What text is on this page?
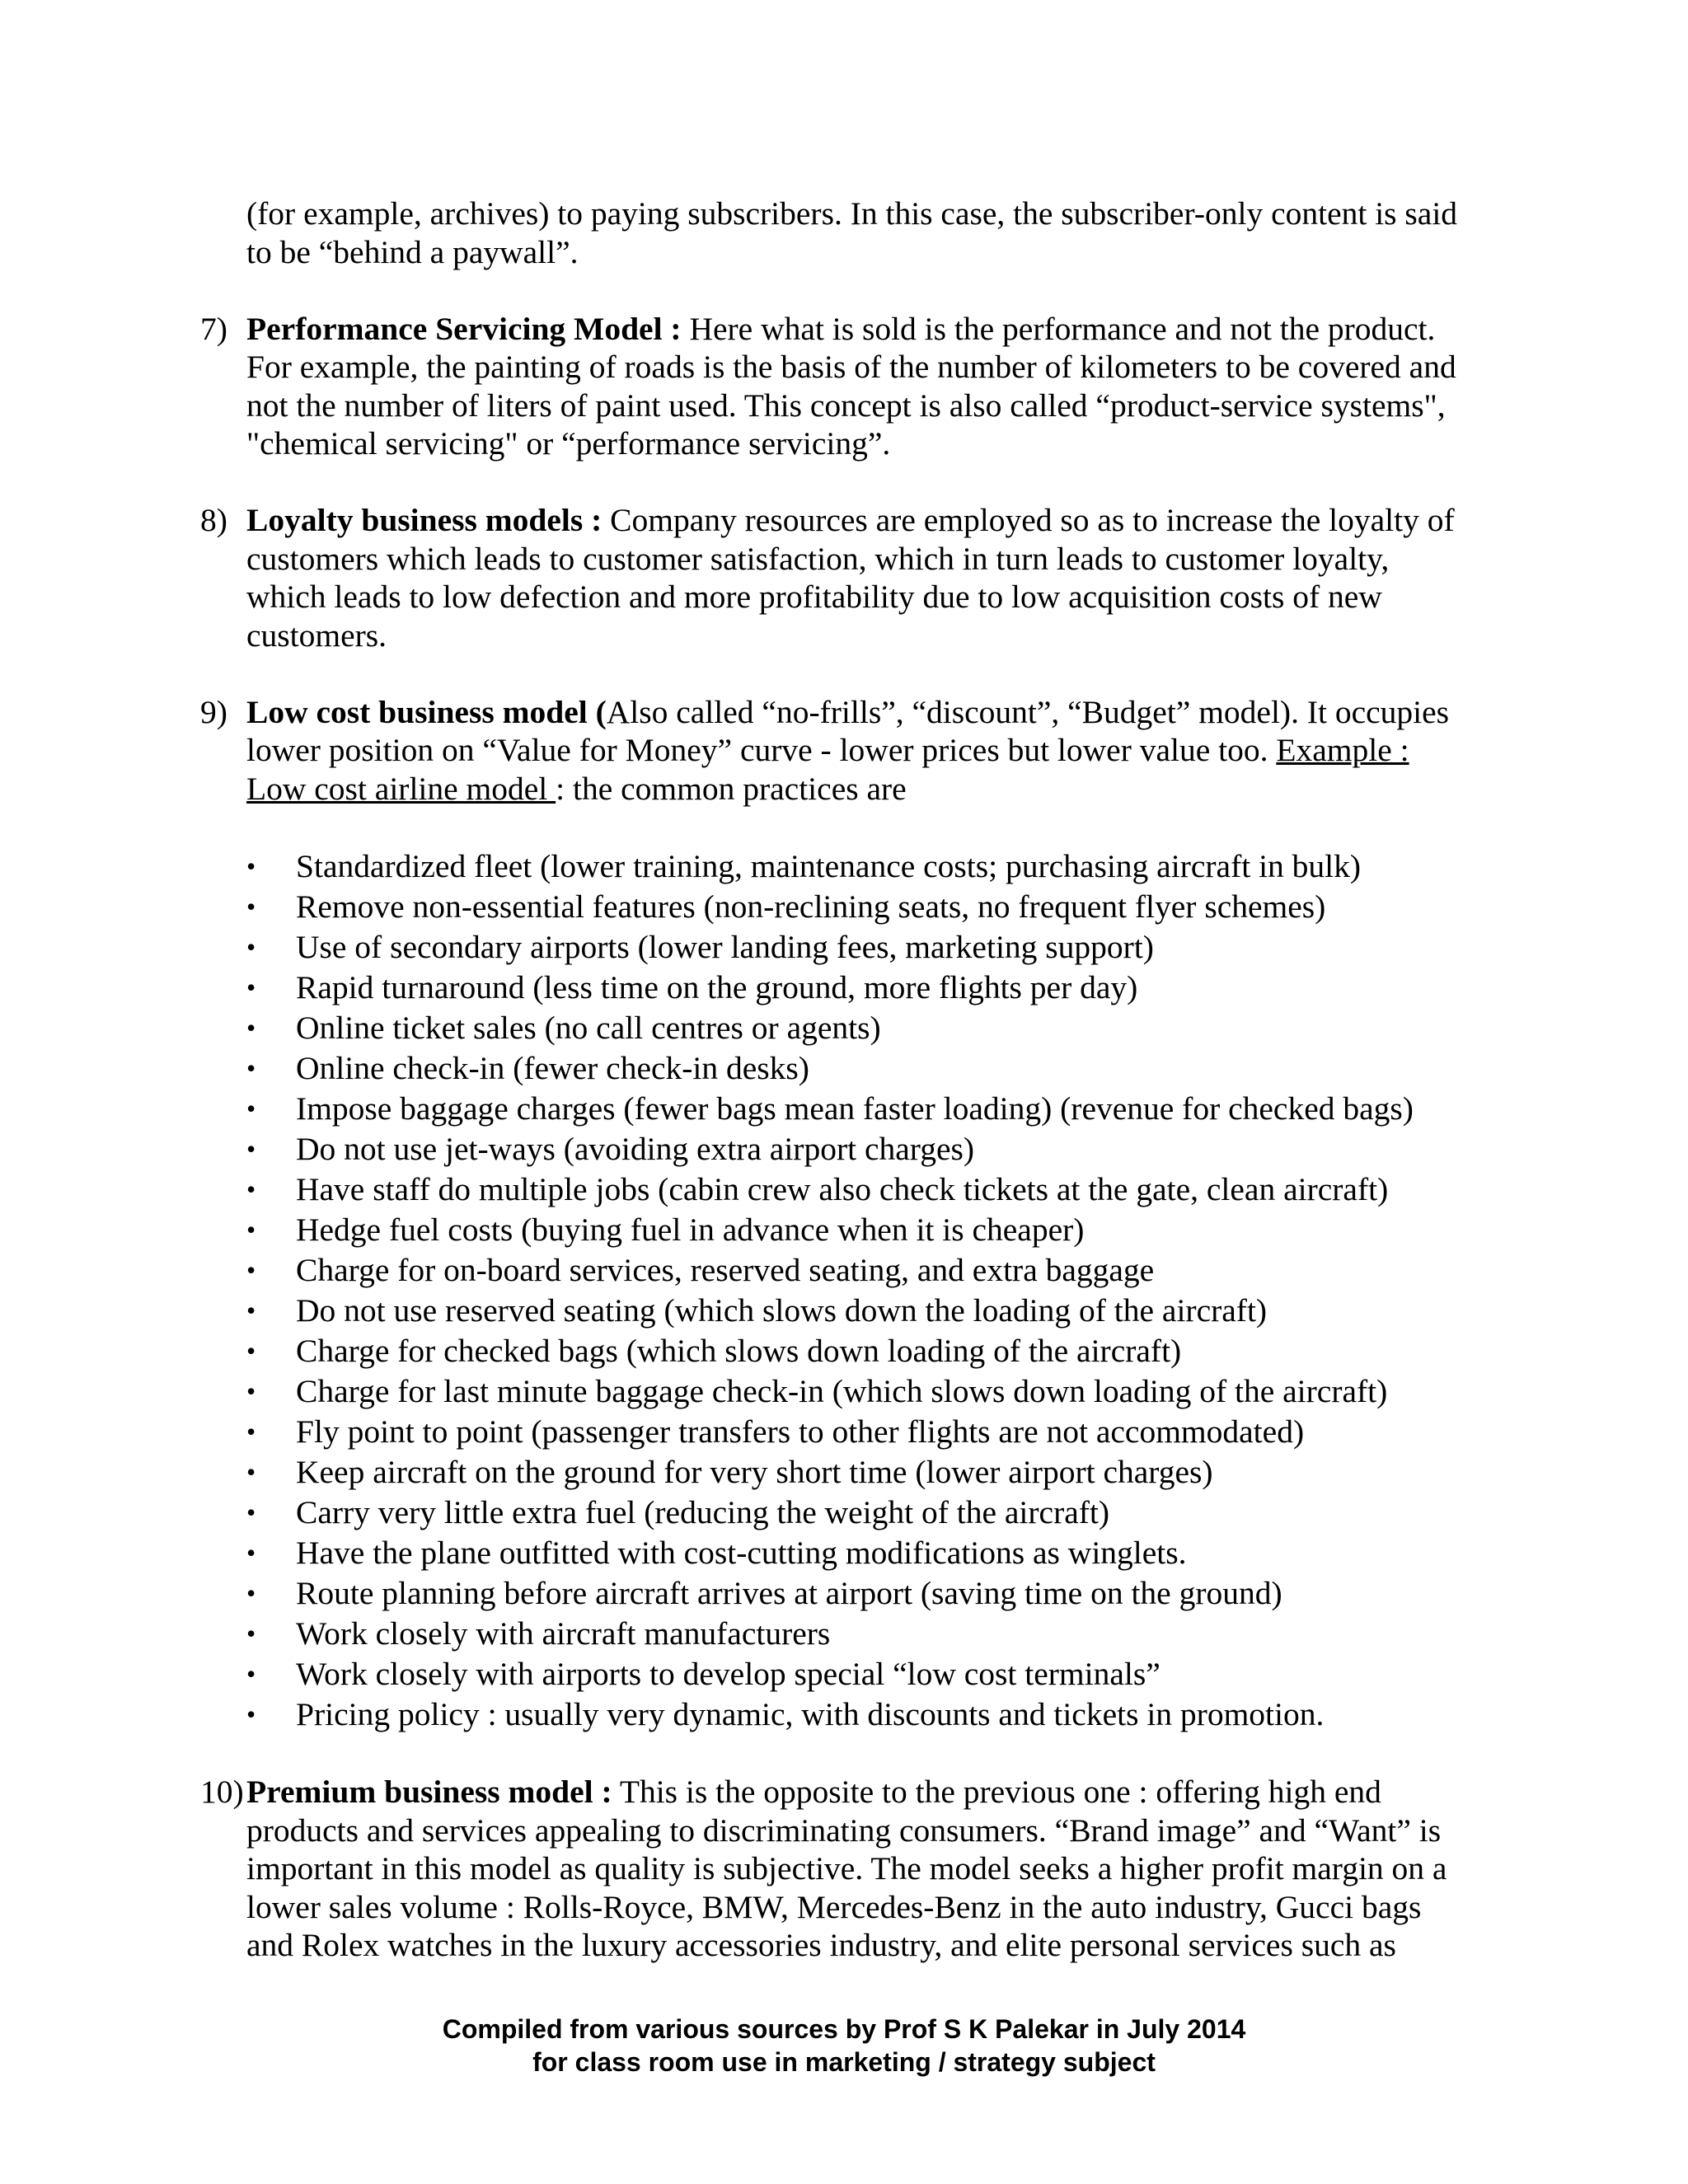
(for example, archives) to paying subscribers. In this case, the subscriber-only content is said
to be “behind a paywall”.
7) Performance Servicing Model : Here what is sold is the performance and not the product.
For example, the painting of roads is the basis of the number of kilometers to be covered and
not the number of liters of paint used. This concept is also called “product-service systems",
"chemical servicing" or “performance servicing”.
8) Loyalty business models : Company resources are employed so as to increase the loyalty of
customers which leads to customer satisfaction, which in turn leads to customer loyalty,
which leads to low defection and more profitability due to low acquisition costs of new
customers.
9) Low cost business model (Also called “no-frills”, “discount”, “Budget” model). It occupies
lower position on “Value for Money” curve - lower prices but lower value too. Example :
Low cost airline model : the common practices are
•	Standardized fleet (lower training, maintenance costs; purchasing aircraft in bulk)
•	Remove non-essential features (non-reclining seats, no frequent flyer schemes)
•	Use of secondary airports (lower landing fees, marketing support)
•	Rapid turnaround (less time on the ground, more flights per day)
•	Online ticket sales (no call centres or agents)
•	Online check-in (fewer check-in desks)
•	Impose baggage charges (fewer bags mean faster loading) (revenue for checked bags)
•	Do not use jet-ways (avoiding extra airport charges)
•	Have staff do multiple jobs (cabin crew also check tickets at the gate, clean aircraft)
•	Hedge fuel costs (buying fuel in advance when it is cheaper)
•	Charge for on-board services, reserved seating, and extra baggage
•	Do not use reserved seating (which slows down the loading of the aircraft)
•	Charge for checked bags (which slows down loading of the aircraft)
•	Charge for last minute baggage check-in (which slows down loading of the aircraft)
•	Fly point to point (passenger transfers to other flights are not accommodated)
•	Keep aircraft on the ground for very short time (lower airport charges)
•	Carry very little extra fuel (reducing the weight of the aircraft)
•	Have the plane outfitted with cost-cutting modifications as winglets.
•	Route planning before aircraft arrives at airport (saving time on the ground)
•	Work closely with aircraft manufacturers
•	Work closely with airports to develop special “low cost terminals”
•	Pricing policy : usually very dynamic, with discounts and tickets in promotion.
10) Premium business model : This is the opposite to the previous one : offering high end
products and services appealing to discriminating consumers. “Brand image” and “Want” is
important in this model as quality is subjective. The model seeks a higher profit margin on a
lower sales volume : Rolls-Royce, BMW, Mercedes-Benz in the auto industry, Gucci bags
and Rolex watches in the luxury accessories industry, and elite personal services such as
Compiled from various sources by Prof S K Palekar in July 2014
for class room use in marketing / strategy subject
